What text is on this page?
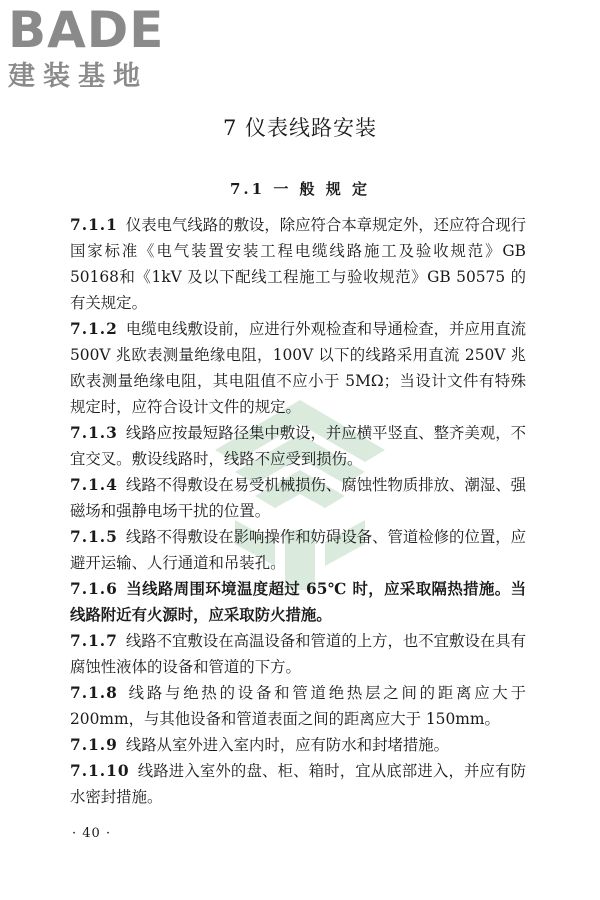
BADE
建装基地
7 仪表线路安装
7.1 一 般 规 定

7.1.1 仪表电气线路的敷设，除应符合本章规定外，还应符合现行国家标准《电气装置安装工程电缆线路施工及验收规范》GB 50168和《1kV 及以下配线工程施工与验收规范》GB 50575 的有关规定。

7.1.2 电缆电线敷设前，应进行外观检查和导通检查，并应用直流 500V 兆欧表测量绝缘电阻，100V 以下的线路采用直流 250V 兆欧表测量绝缘电阻，其电阻值不应小于 5MΩ；当设计文件有特殊规定时，应符合设计文件的规定。

7.1.3 线路应按最短路径集中敷设，并应横平竖直、整齐美观，不宜交叉。敷设线路时，线路不应受到损伤。

7.1.4 线路不得敷设在易受机械损伤、腐蚀性物质排放、潮湿、强磁场和强静电场干扰的位置。

7.1.5 线路不得敷设在影响操作和妨碍设备、管道检修的位置，应避开运输、人行通道和吊装孔。

7.1.6 当线路周围环境温度超过 65℃ 时，应采取隔热措施。当线路附近有火源时，应采取防火措施。

7.1.7 线路不宜敷设在高温设备和管道的上方，也不宜敷设在具有腐蚀性液体的设备和管道的下方。

7.1.8 线路与绝热的设备和管道绝热层之间的距离应大于 200mm，与其他设备和管道表面之间的距离应大于 150mm。

7.1.9 线路从室外进入室内时，应有防水和封堵措施。

7.1.10 线路进入室外的盘、柜、箱时，宜从底部进入，并应有防水密封措施。

· 40 ·
